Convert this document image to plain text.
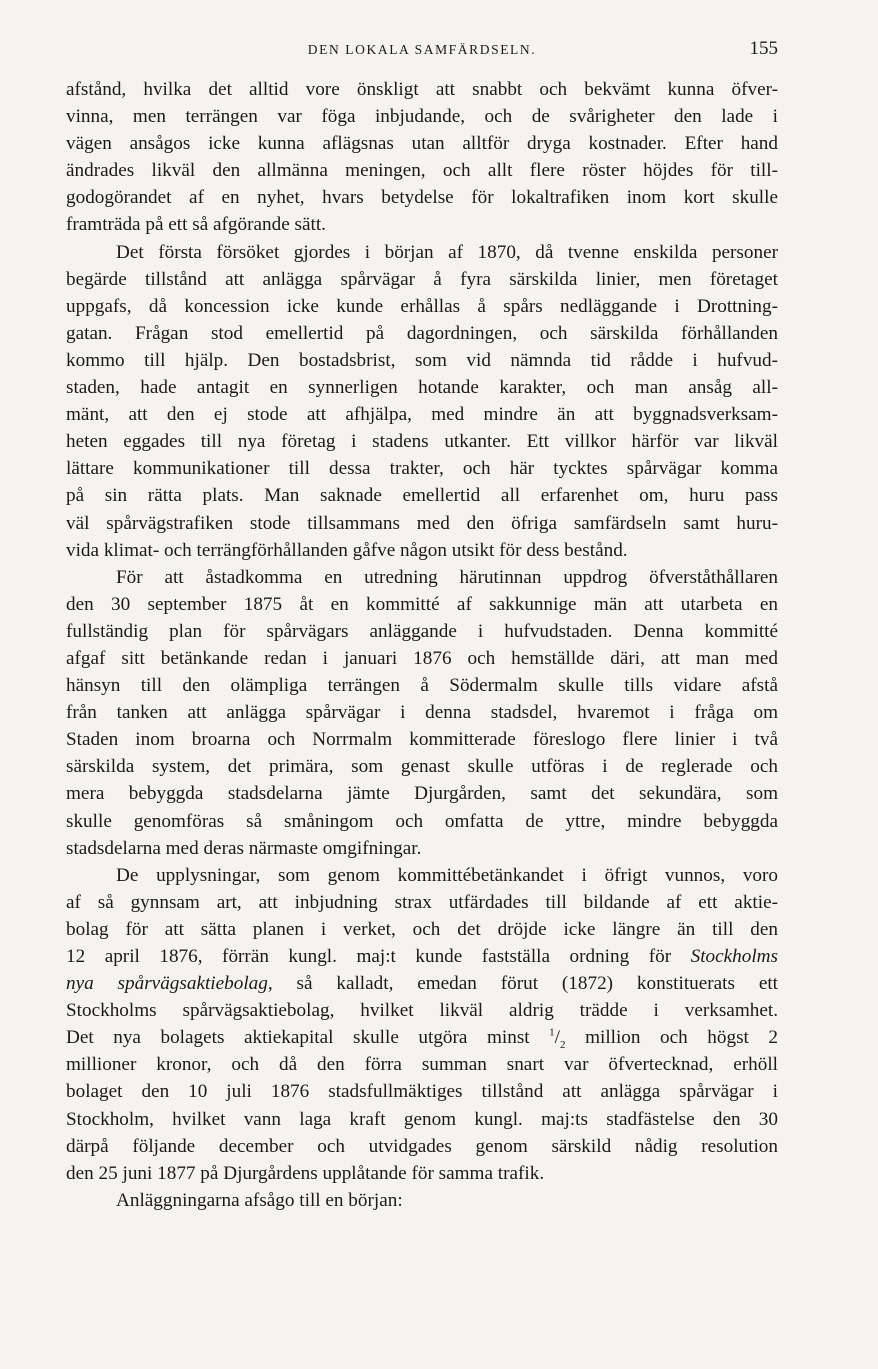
DEN LOKALA SAMFÄRDSELN.	155
afstånd, hvilka det alltid vore önskligt att snabbt och bekvämt kunna öfver-
vinna, men terrängen var föga inbjudande, och de svårigheter den lade i
vägen ansågos icke kunna aflägsnas utan alltför dryga kostnader. Efter hand
ändrades likväl den allmänna meningen, och allt flere röster höjdes för till-
godogörandet af en nyhet, hvars betydelse för lokaltrafiken inom kort skulle
framträda på ett så afgörande sätt.
Det första försöket gjordes i början af 1870, då tvenne enskilda personer
begärde tillstånd att anlägga spårvägar å fyra särskilda linier, men företaget
uppgafs, då koncession icke kunde erhållas å spårs nedläggande i Drottning-
gatan. Frågan stod emellertid på dagordningen, och särskilda förhållanden
kommo till hjälp. Den bostadsbrist, som vid nämnda tid rådde i hufvud-
staden, hade antagit en synnerligen hotande karakter, och man ansåg all-
mänt, att den ej stode att afhjälpa, med mindre än att byggnadsverksam-
heten eggades till nya företag i stadens utkanter. Ett villkor härför var likväl
lättare kommunikationer till dessa trakter, och här tycktes spårvägar komma
på sin rätta plats. Man saknade emellertid all erfarenhet om, huru pass
väl spårvägstrafiken stode tillsammans med den öfriga samfärdseln samt huru-
vida klimat- och terrängförhållanden gåfve någon utsikt för dess bestånd.
För att åstadkomma en utredning härutinnan uppdrog öfverståthållaren
den 30 september 1875 åt en kommitté af sakkunnige män att utarbeta en
fullständig plan för spårvägars anläggande i hufvudstaden. Denna kommitté
afgaf sitt betänkande redan i januari 1876 och hemställde däri, att man med
hänsyn till den olämpliga terrängen å Södermalm skulle tills vidare afstå
från tanken att anlägga spårvägar i denna stadsdel, hvaremot i fråga om
Staden inom broarna och Norrmalm kommitterade föreslogo flere linier i två
särskilda system, det primära, som genast skulle utföras i de reglerade och
mera bebyggda stadsdelarna jämte Djurgården, samt det sekundära, som
skulle genomföras så småningom och omfatta de yttre, mindre bebyggda
stadsdelarna med deras närmaste omgifningar.
De upplysningar, som genom kommittébetänkandet i öfrigt vunnos, voro
af så gynnsam art, att inbjudning strax utfärdades till bildande af ett aktie-
bolag för att sätta planen i verket, och det dröjde icke längre än till den
12 april 1876, förrän kungl. maj:t kunde fastställa ordning för Stockholms
nya spårvägsaktiebolag, så kalladt, emedan förut (1872) konstituerats ett
Stockholms spårvägsaktiebolag, hvilket likväl aldrig trädde i verksamhet.
Det nya bolagets aktiekapital skulle utgöra minst $^1/_2$ million och högst 2
millioner kronor, och då den förra summan snart var öfvertecknad, erhöll
bolaget den 10 juli 1876 stadsfullmäktiges tillstånd att anlägga spårvägar i
Stockholm, hvilket vann laga kraft genom kungl. maj:ts stadfästelse den 30
därpå följande december och utvidgades genom särskild nådig resolution
den 25 juni 1877 på Djurgårdens upplåtande för samma trafik.
Anläggningarna afsågo till en början:
